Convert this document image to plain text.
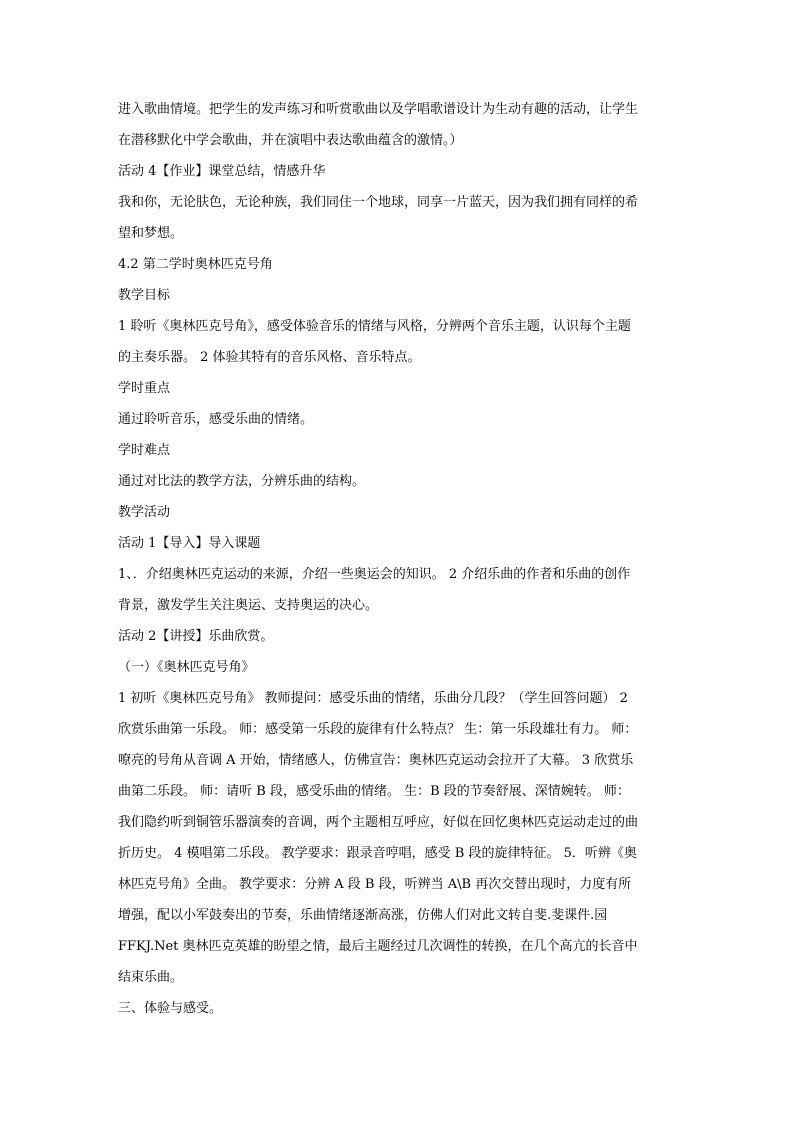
进入歌曲情境。把学生的发声练习和听赏歌曲以及学唱歌谱设计为生动有趣的活动，让学生
在潜移默化中学会歌曲，并在演唱中表达歌曲蕴含的激情。）
活动 4【作业】课堂总结，情感升华
我和你，无论肤色，无论种族，我们同住一个地球，同享一片蓝天，因为我们拥有同样的希
望和梦想。
4.2 第二学时奥林匹克号角
教学目标
1 聆听《奥林匹克号角》，感受体验音乐的情绪与风格，分辨两个音乐主题，认识每个主题
的主奏乐器。 2 体验其特有的音乐风格、音乐特点。
学时重点
通过聆听音乐，感受乐曲的情绪。
学时难点
通过对比法的教学方法，分辨乐曲的结构。
教学活动
活动 1【导入】导入课题
1、．介绍奥林匹克运动的来源，介绍一些奥运会的知识。 2 介绍乐曲的作者和乐曲的创作
背景，激发学生关注奥运、支持奥运的决心。
活动 2【讲授】乐曲欣赏。
（一）《奥林匹克号角》
1 初听《奥林匹克号角》 教师提问：感受乐曲的情绪，乐曲分几段？（学生回答问题） 2
欣赏乐曲第一乐段。 师：感受第一乐段的旋律有什么特点？ 生：第一乐段雄壮有力。 师：
嘹亮的号角从音调 A 开始，情绪感人，仿佛宣告：奥林匹克运动会拉开了大幕。 3 欣赏乐
曲第二乐段。 师：请听 B 段，感受乐曲的情绪。 生：B 段的节奏舒展、深情婉转。 师：
我们隐约听到铜管乐器演奏的音调，两个主题相互呼应，好似在回忆奥林匹克运动走过的曲
折历史。 4 模唱第二乐段。 教学要求：跟录音哼唱，感受 B 段的旋律特征。 5．听辨《奥
林匹克号角》全曲。 教学要求：分辨 A 段 B 段，听辨当 A\B 再次交替出现时，力度有所
增强，配以小军鼓奏出的节奏，乐曲情绪逐渐高涨，仿佛人们对此文转自斐.斐课件.园
FFKJ.Net 奥林匹克英雄的盼望之情，最后主题经过几次调性的转换，在几个高亢的长音中
结束乐曲。
三、体验与感受。
